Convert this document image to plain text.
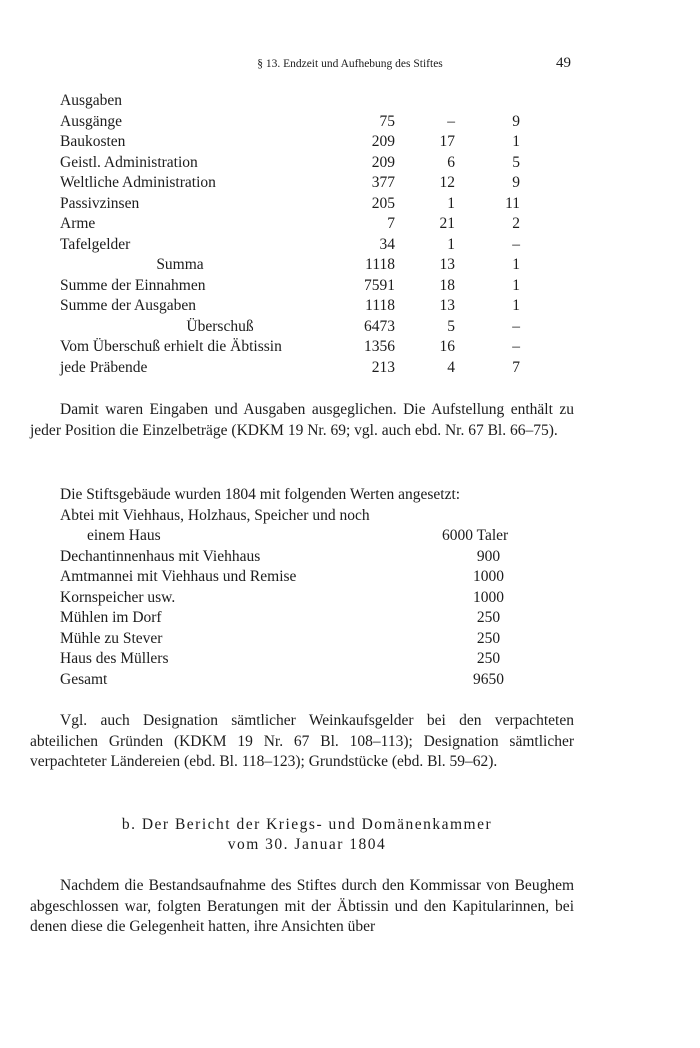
§ 13. Endzeit und Aufhebung des Stiftes	49
Ausgaben
Ausgänge	75	–	9
Baukosten	209	17	1
Geistl. Administration	209	6	5
Weltliche Administration	377	12	9
Passivzinsen	205	1	11
Arme	7	21	2
Tafelgelder	34	1	–
Summa	1118	13	1
Summe der Einnahmen	7591	18	1
Summe der Ausgaben	1118	13	1
Überschuß	6473	5	–
Vom Überschuß erhielt die Äbtissin	1356	16	–
jede Präbende	213	4	7

Damit waren Eingaben und Ausgaben ausgeglichen. Die Aufstellung enthält zu jeder Position die Einzelbeträge (KDKM 19 Nr. 69; vgl. auch ebd. Nr. 67 Bl. 66–75).

Die Stiftsgebäude wurden 1804 mit folgenden Werten angesetzt:
Abtei mit Viehhaus, Holzhaus, Speicher und noch
einem Haus	6000 Taler
Dechantinnenhaus mit Viehhaus	900
Amtmannei mit Viehhaus und Remise	1000
Kornspeicher usw.	1000
Mühlen im Dorf	250
Mühle zu Stever	250
Haus des Müllers	250
Gesamt	9650

Vgl. auch Designation sämtlicher Weinkaufsgelder bei den verpachteten abteilichen Gründen (KDKM 19 Nr. 67 Bl. 108–113); Designation sämtlicher verpachteter Ländereien (ebd. Bl. 118–123); Grundstücke (ebd. Bl. 59–62).

b. Der Bericht der Kriegs- und Domänenkammer
vom 30. Januar 1804

Nachdem die Bestandsaufnahme des Stiftes durch den Kommissar von Beughem abgeschlossen war, folgten Beratungen mit der Äbtissin und den Kapitularinnen, bei denen diese die Gelegenheit hatten, ihre Ansichten über
